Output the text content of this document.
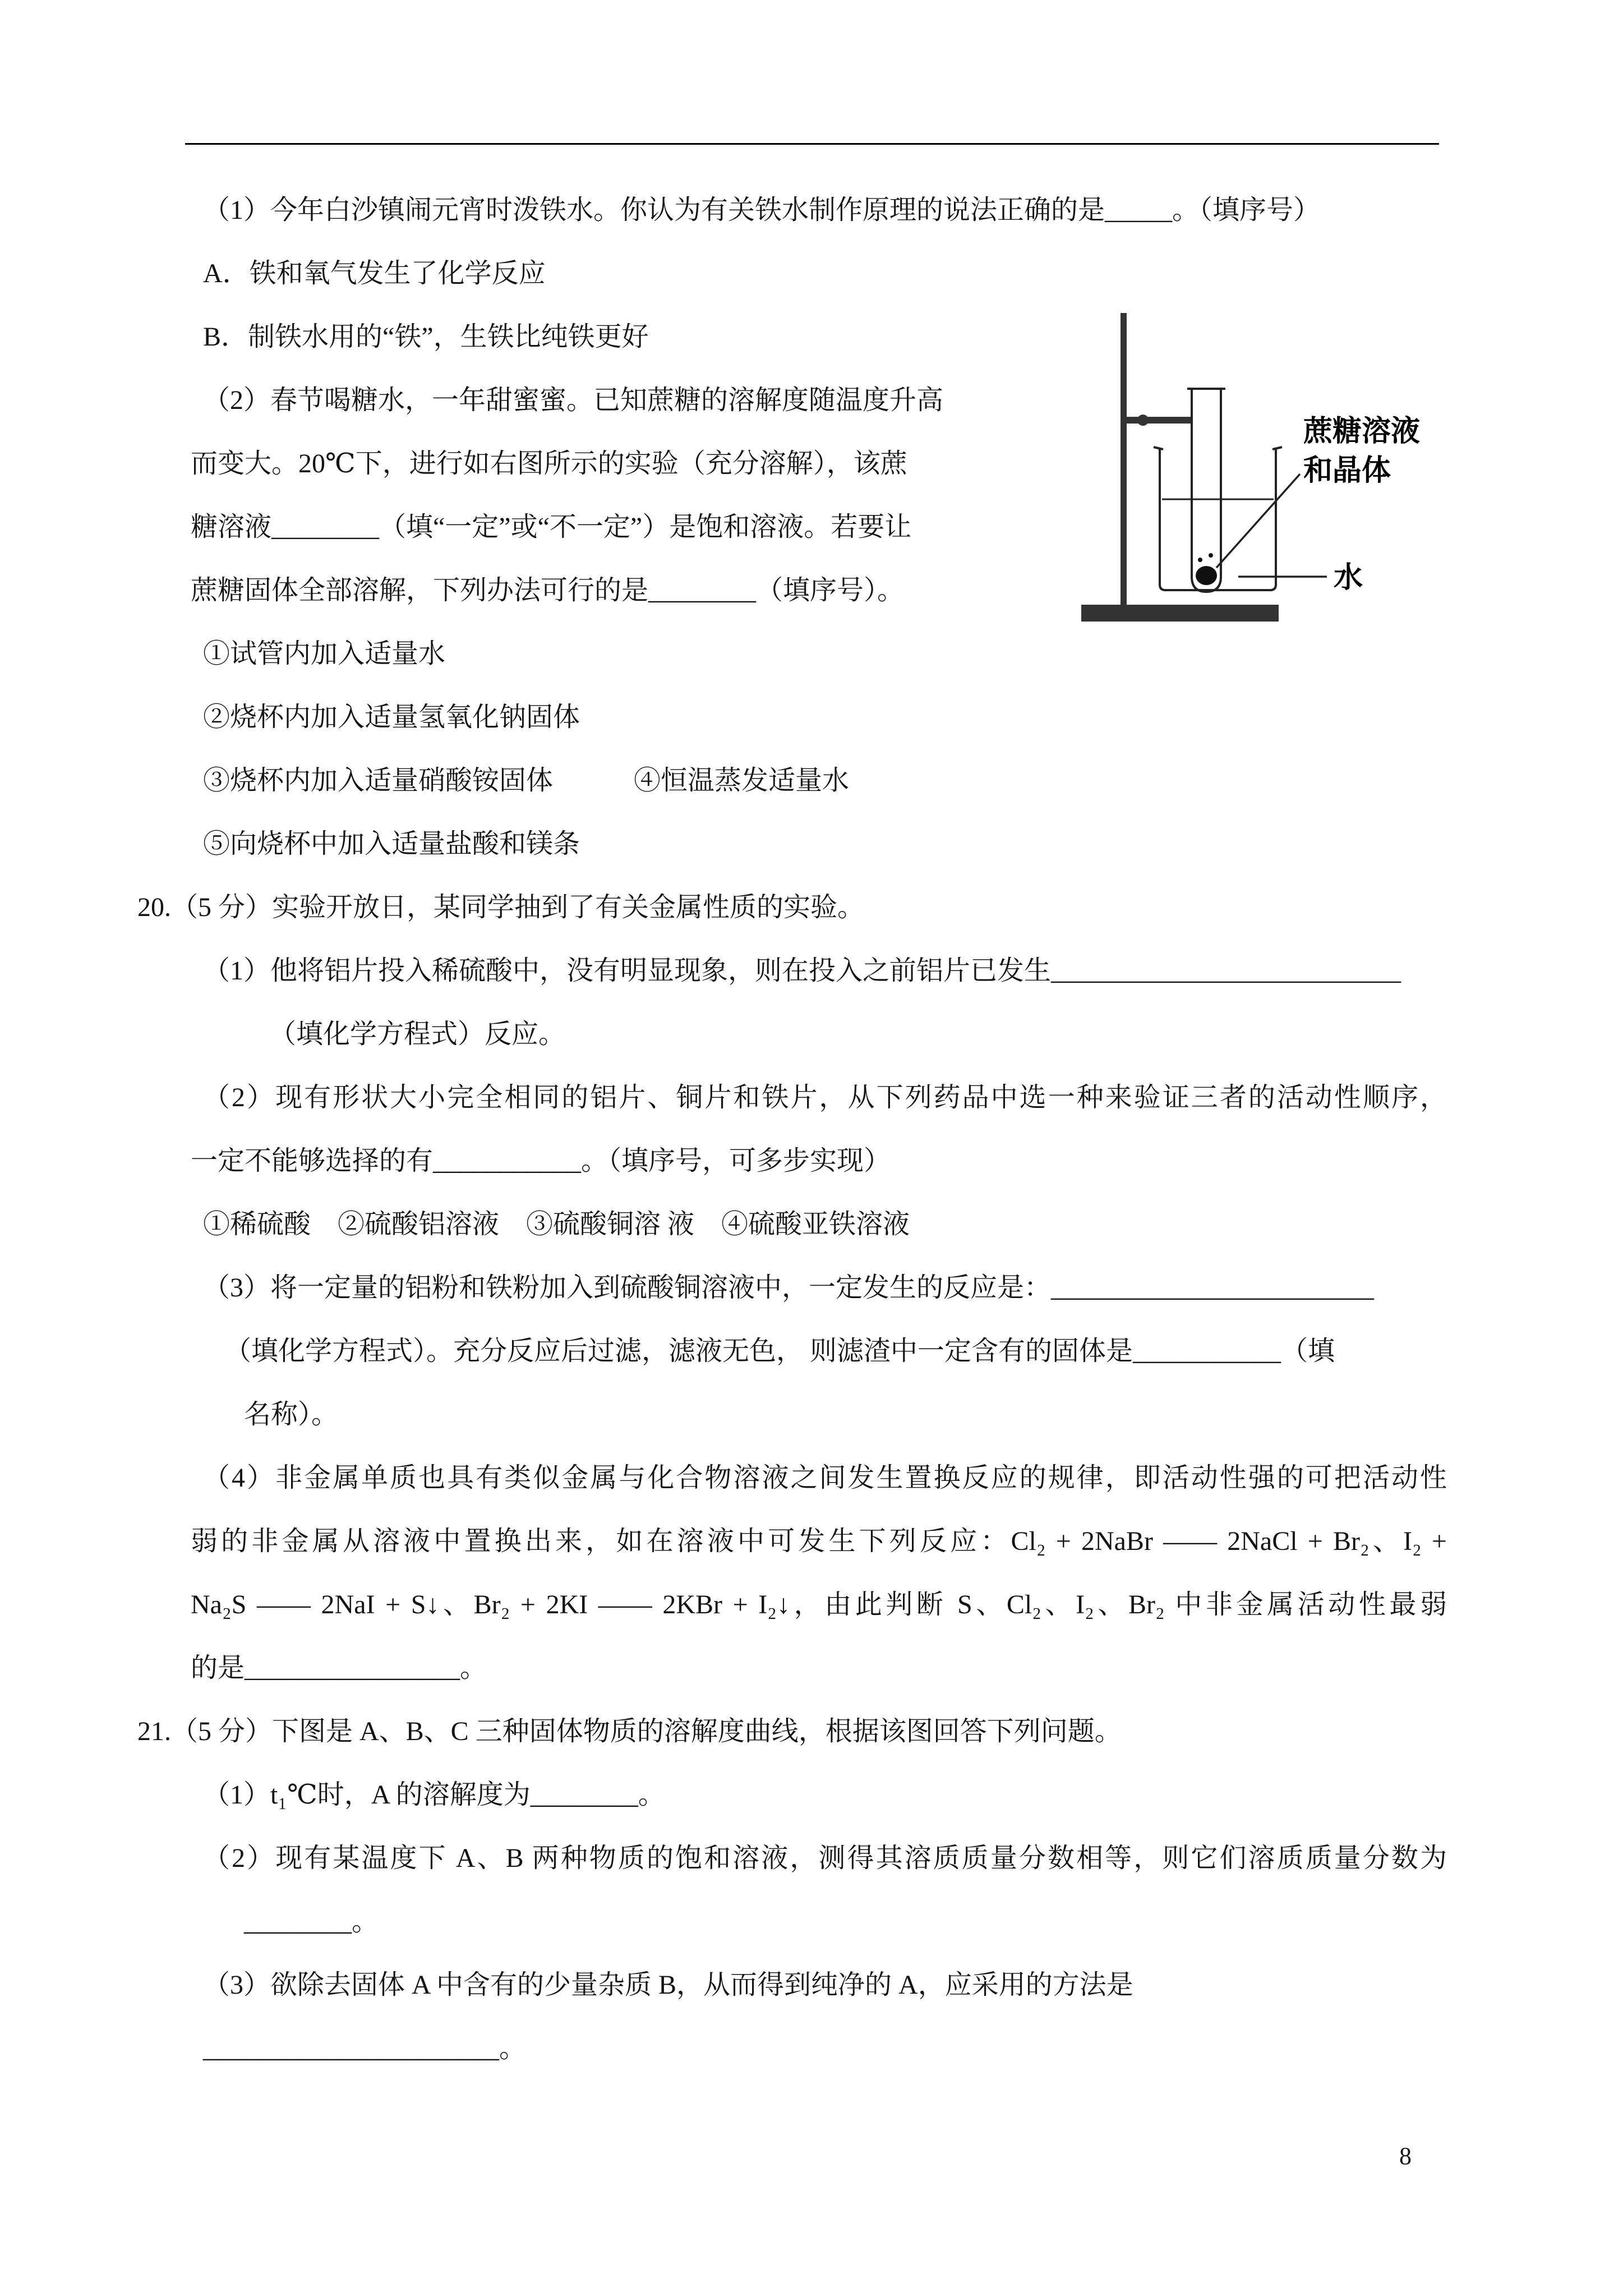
（1）今年白沙镇闹元宵时泼铁水。你认为有关铁水制作原理的说法正确的是_____。（填序号）
A．铁和氧气发生了化学反应
B．制铁水用的“铁”，生铁比纯铁更好
（2）春节喝糖水，一年甜蜜蜜。已知蔗糖的溶解度随温度升高
而变大。20℃下，进行如右图所示的实验（充分溶解），该蔗
糖溶液________（填“一定”或“不一定”）是饱和溶液。若要让
蔗糖固体全部溶解，下列办法可行的是________（填序号）。
①试管内加入适量水
②烧杯内加入适量氢氧化钠固体
③烧杯内加入适量硝酸铵固体　　　④恒温蒸发适量水
⑤向烧杯中加入适量盐酸和镁条
20.（5 分）实验开放日，某同学抽到了有关金属性质的实验。
（1）他将铝片投入稀硫酸中，没有明显现象，则在投入之前铝片已发生__________________________
（填化学方程式）反应。
（2）现有形状大小完全相同的铝片、铜片和铁片，从下列药品中选一种来验证三者的活动性顺序，
一定不能够选择的有___________。（填序号，可多步实现）
①稀硫酸　②硫酸铝溶液　③硫酸铜溶 液　④硫酸亚铁溶液
（3）将一定量的铝粉和铁粉加入到硫酸铜溶液中，一定发生的反应是：________________________
（填化学方程式）。充分反应后过滤，滤液无色， 则滤渣中一定含有的固体是___________（填
名称）。
（4）非金属单质也具有类似金属与化合物溶液之间发生置换反应的规律，即活动性强的可把活动性
弱的非金属从溶液中置换出来，如在溶液中可发生下列反应：Cl₂ + 2NaBr —— 2NaCl + Br₂、I₂ +
Na₂S —— 2NaI + S↓、Br₂ + 2KI —— 2KBr + I₂↓，由此判断 S、Cl₂、I₂、Br₂ 中非金属活动性最弱
的是________________。
21.（5 分）下图是 A、B、C 三种固体物质的溶解度曲线，根据该图回答下列问题。
（1）t₁℃时，A 的溶解度为________。
（2）现有某温度下 A、B 两种物质的饱和溶液，测得其溶质质量分数相等，则它们溶质质量分数为
________。
（3）欲除去固体 A 中含有的少量杂质 B，从而得到纯净的 A，应采用的方法是______________________。
蔗糖溶液
和晶体
水
8
